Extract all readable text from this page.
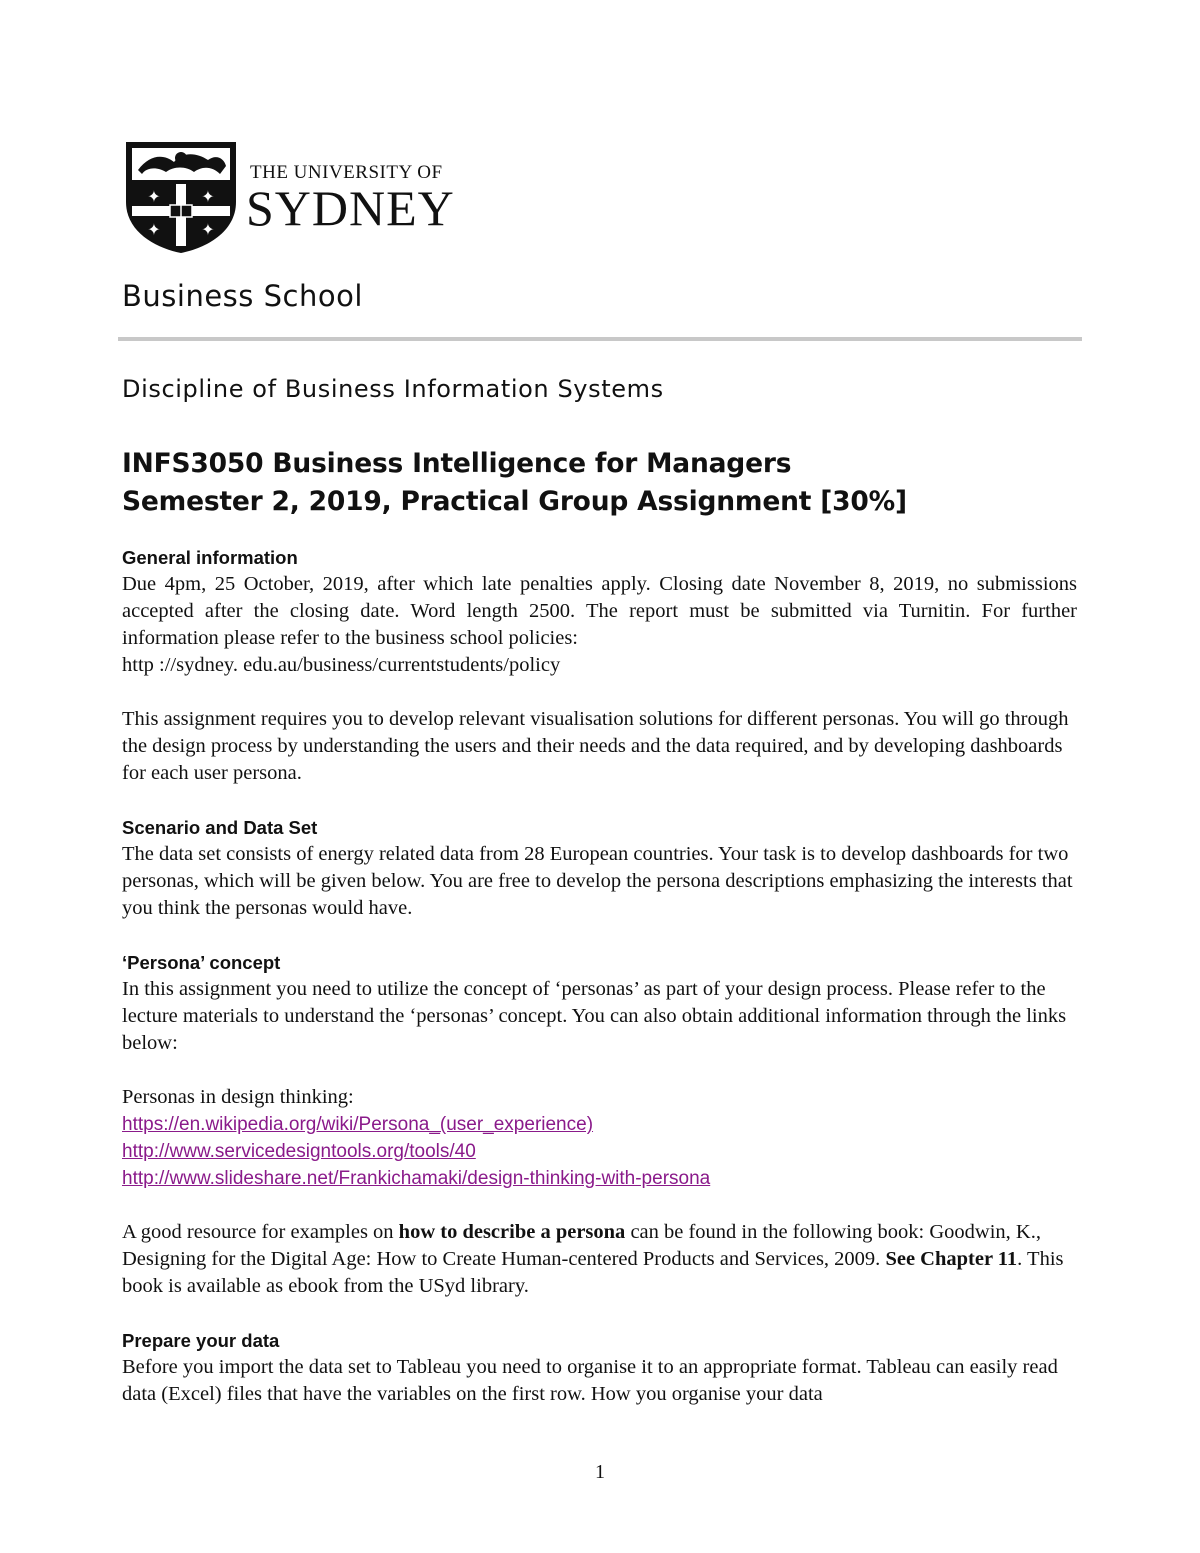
✦
✦
✦
✦
THE UNIVERSITY OF
SYDNEY
Business School
Discipline of Business Information Systems
INFS3050 Business Intelligence for Managers
Semester 2, 2019, Practical Group Assignment [30%]
General information

Due 4pm, 25 October, 2019, after which late penalties apply. Closing date November 8, 2019, no submissions accepted after the closing date. Word length 2500. The report must be submitted via Turnitin. For further information please refer to the business school policies:

http ://sydney. edu.au/business/currentstudents/policy

This assignment requires you to develop relevant visualisation solutions for different personas. You will go through the design process by understanding the users and their needs and the data required, and by developing dashboards for each user persona.

Scenario and Data Set

The data set consists of energy related data from 28 European countries. Your task is to develop dashboards for two personas, which will be given below. You are free to develop the persona descriptions emphasizing the interests that you think the personas would have.

‘Persona’ concept

In this assignment you need to utilize the concept of ‘personas’ as part of your design process. Please refer to the lecture materials to understand the ‘personas’ concept. You can also obtain additional information through the links below:

Personas in design thinking:

https://en.wikipedia.org/wiki/Persona_(user_experience)
http://www.servicedesigntools.org/tools/40
http://www.slideshare.net/Frankichamaki/design-thinking-with-persona

A good resource for examples on how to describe a persona can be found in the following book: Goodwin, K., Designing for the Digital Age: How to Create Human-centered Products and Services, 2009. See Chapter 11. This book is available as ebook from the USyd library.

Prepare your data

Before you import the data set to Tableau you need to organise it to an appropriate format. Tableau can easily read data (Excel) files that have the variables on the first row. How you organise your data

1
